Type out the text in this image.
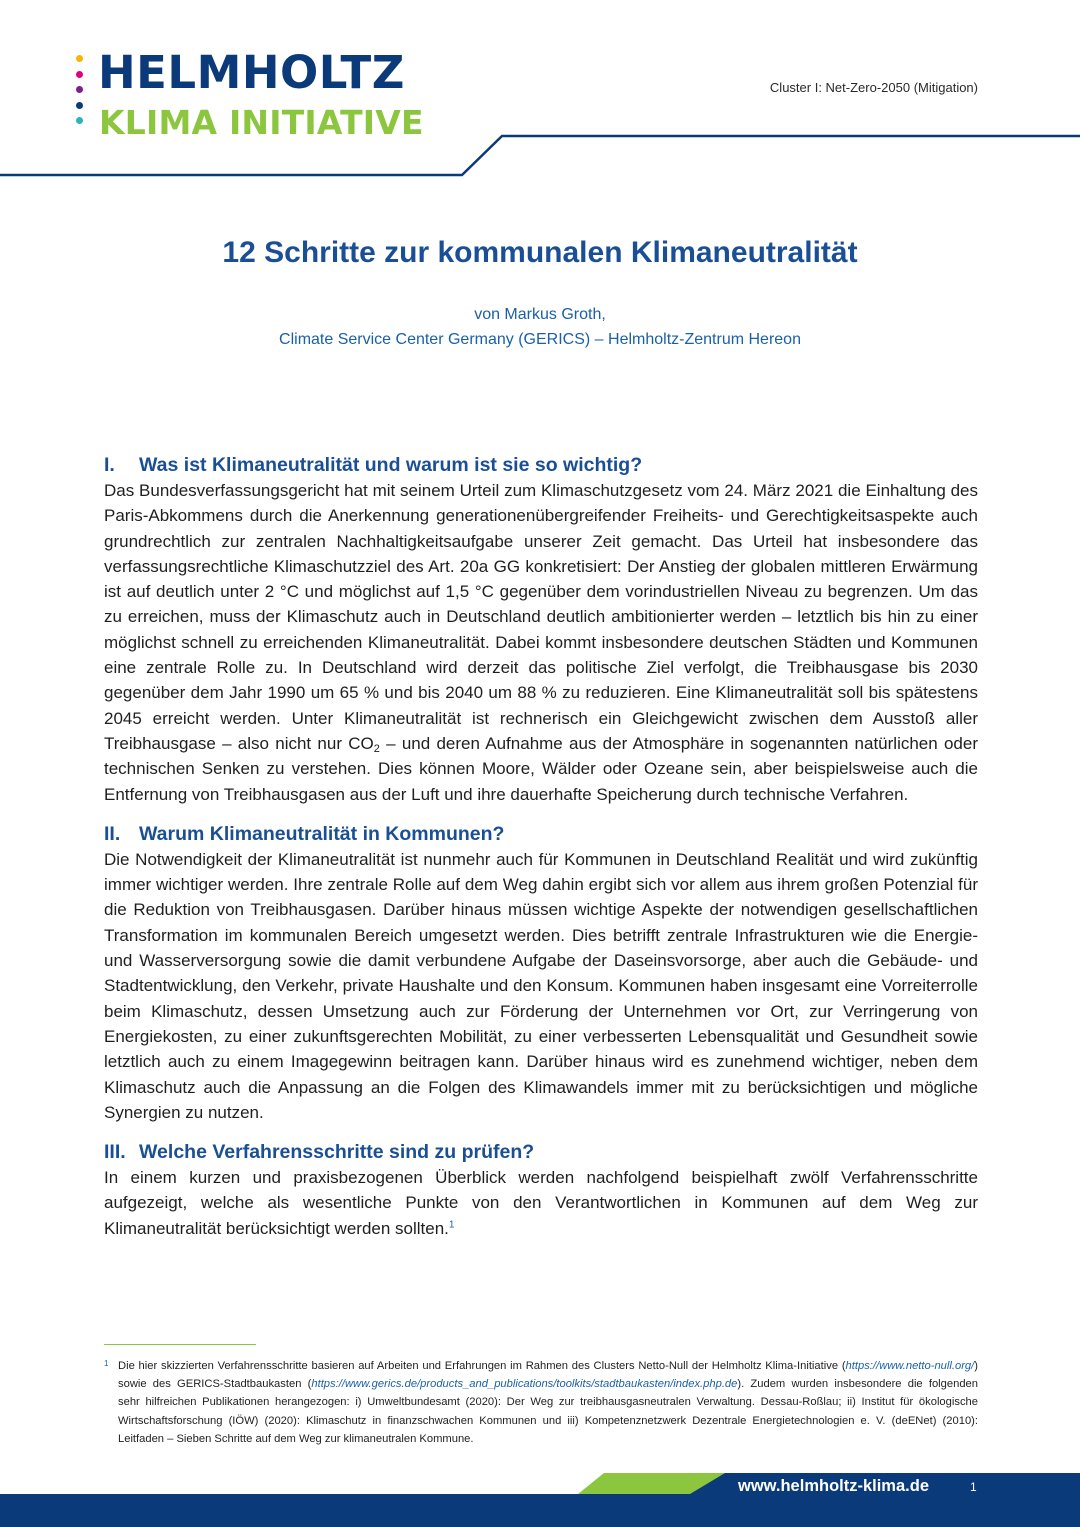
HELMHOLTZ
KLIMA INITIATIVE
Cluster I: Net-Zero-2050 (Mitigation)
12 Schritte zur kommunalen Klimaneutralität
von Markus Groth,
Climate Service Center Germany (GERICS) – Helmholtz-Zentrum Hereon
I. Was ist Klimaneutralität und warum ist sie so wichtig?

Das Bundesverfassungsgericht hat mit seinem Urteil zum Klimaschutzgesetz vom 24. März 2021 die Einhaltung des Paris-Abkommens durch die Anerkennung generationenübergreifender Freiheits- und Gerechtigkeitsaspekte auch grundrechtlich zur zentralen Nachhaltigkeitsaufgabe unserer Zeit gemacht. Das Urteil hat insbesondere das verfassungsrechtliche Klimaschutzziel des Art. 20a GG konkretisiert: Der Anstieg der globalen mittleren Erwärmung ist auf deutlich unter 2 °C und möglichst auf 1,5 °C gegenüber dem vorindustriellen Niveau zu begrenzen. Um das zu erreichen, muss der Klimaschutz auch in Deutschland deutlich ambitionierter werden – letztlich bis hin zu einer möglichst schnell zu erreichenden Klimaneutralität. Dabei kommt insbesondere deutschen Städten und Kommunen eine zentrale Rolle zu. In Deutschland wird derzeit das politische Ziel verfolgt, die Treibhausgase bis 2030 gegenüber dem Jahr 1990 um 65 % und bis 2040 um 88 % zu reduzieren. Eine Klimaneutralität soll bis spätestens 2045 erreicht werden. Unter Klimaneutralität ist rechnerisch ein Gleichgewicht zwischen dem Ausstoß aller Treibhausgase – also nicht nur $CO_2$ – und deren Aufnahme aus der Atmosphäre in sogenannten natürlichen oder technischen Senken zu verstehen. Dies können Moore, Wälder oder Ozeane sein, aber beispielsweise auch die Entfernung von Treibhausgasen aus der Luft und ihre dauerhafte Speicherung durch technische Verfahren.

II. Warum Klimaneutralität in Kommunen?

Die Notwendigkeit der Klimaneutralität ist nunmehr auch für Kommunen in Deutschland Realität und wird zukünftig immer wichtiger werden. Ihre zentrale Rolle auf dem Weg dahin ergibt sich vor allem aus ihrem großen Potenzial für die Reduktion von Treibhausgasen. Darüber hinaus müssen wichtige Aspekte der notwendigen gesellschaftlichen Transformation im kommunalen Bereich umgesetzt werden. Dies betrifft zentrale Infrastrukturen wie die Energie- und Wasserversorgung sowie die damit verbundene Aufgabe der Daseinsvorsorge, aber auch die Gebäude- und Stadtentwicklung, den Verkehr, private Haushalte und den Konsum. Kommunen haben insgesamt eine Vorreiterrolle beim Klimaschutz, dessen Umsetzung auch zur Förderung der Unternehmen vor Ort, zur Verringerung von Energiekosten, zu einer zukunftsgerechten Mobilität, zu einer verbesserten Lebensqualität und Gesundheit sowie letztlich auch zu einem Imagegewinn beitragen kann. Darüber hinaus wird es zunehmend wichtiger, neben dem Klimaschutz auch die Anpassung an die Folgen des Klimawandels immer mit zu berücksichtigen und mögliche Synergien zu nutzen.

III. Welche Verfahrensschritte sind zu prüfen?

In einem kurzen und praxisbezogenen Überblick werden nachfolgend beispielhaft zwölf Verfahrensschritte aufgezeigt, welche als wesentliche Punkte von den Verantwortlichen in Kommunen auf dem Weg zur Klimaneutralität berücksichtigt werden sollten.$^1$

1 Die hier skizzierten Verfahrensschritte basieren auf Arbeiten und Erfahrungen im Rahmen des Clusters Netto-Null der Helmholtz Klima-Initiative (https://www.netto-null.org/) sowie des GERICS-Stadtbaukasten (https://www.gerics.de/products_and_publications/toolkits/stadtbaukasten/index.php.de). Zudem wurden insbesondere die folgenden sehr hilfreichen Publikationen herangezogen: i) Umweltbundesamt (2020): Der Weg zur treibhausgasneutralen Verwaltung. Dessau-Roßlau; ii) Institut für ökologische Wirtschaftsforschung (IÖW) (2020): Klimaschutz in finanzschwachen Kommunen und iii) Kompetenznetzwerk Dezentrale Energietechnologien e. V. (deENet) (2010): Leitfaden – Sieben Schritte auf dem Weg zur klimaneutralen Kommune.

www.helmholtz-klima.de	1
